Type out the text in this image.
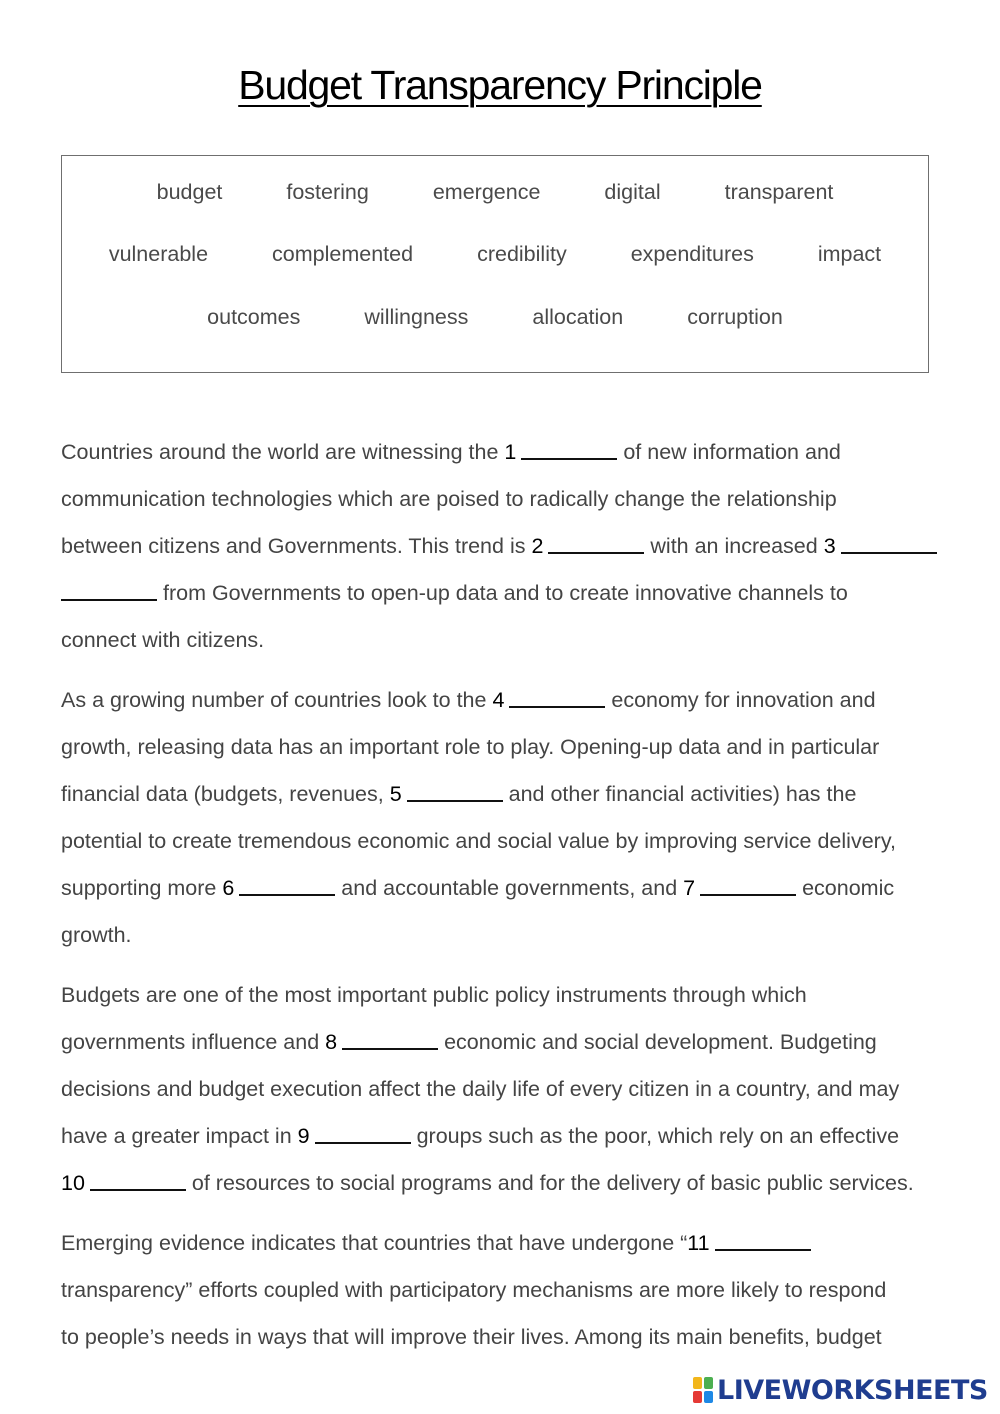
Budget Transparency Principle
budget	fostering	emergence	digital	transparent
vulnerable	complemented	credibility	expenditures	impact
outcomes	willingness	allocation	corruption
Countries around the world are witnessing the 1	of new information and
communication technologies which are poised to radically change the relationship
between citizens and Governments. This trend is 2	with an increased 3
from Governments to open-up data and to create innovative channels to
connect with citizens.
As a growing number of countries look to the 4	economy for innovation and
growth, releasing data has an important role to play. Opening-up data and in particular
financial data (budgets, revenues, 5	and other financial activities) has the
potential to create tremendous economic and social value by improving service delivery,
supporting more 6	and accountable governments, and 7	economic
growth.
Budgets are one of the most important public policy instruments through which
governments influence and 8	economic and social development. Budgeting
decisions and budget execution affect the daily life of every citizen in a country, and may
have a greater impact in 9	groups such as the poor, which rely on an effective
10	of resources to social programs and for the delivery of basic public services.
Emerging evidence indicates that countries that have undergone “11
transparency” efforts coupled with participatory mechanisms are more likely to respond
to people’s needs in ways that will improve their lives. Among its main benefits, budget
LIVEWORKSHEETS
